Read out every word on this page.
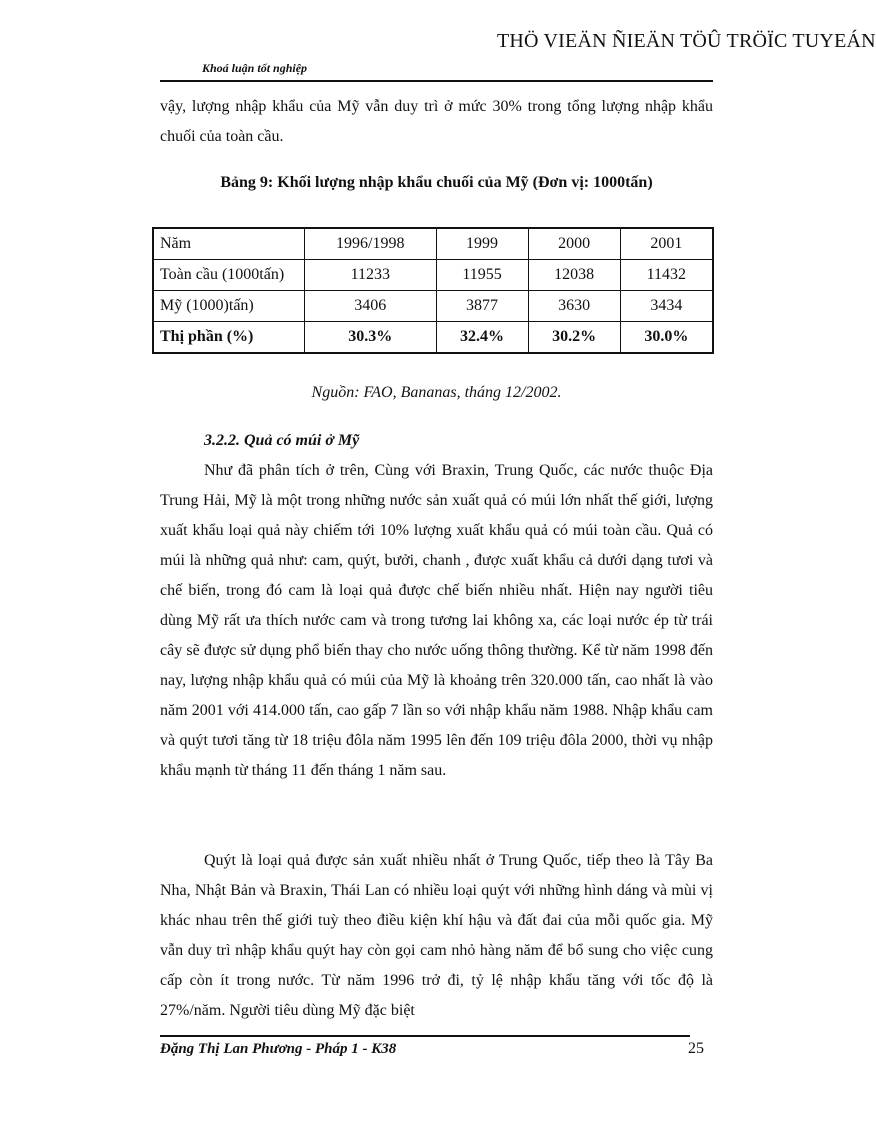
THÖ VIEÄN ÑIEÄN TÖÛ TRÖÏC TUYEÁN
Khoá luận tốt nghiệp
vậy, lượng nhập khẩu của Mỹ vẫn duy trì ở mức 30% trong tổng lượng nhập khẩu chuối của toàn cầu.
Bảng 9: Khối lượng nhập khẩu chuối của Mỹ (Đơn vị: 1000tấn)
Năm	1996/1998	1999	2000	2001
Toàn cầu (1000tấn)	11233	11955	12038	11432
Mỹ (1000)tấn)	3406	3877	3630	3434
Thị phần (%)	30.3%	32.4%	30.2%	30.0%
Nguồn: FAO, Bananas, tháng 12/2002.
3.2.2. Quả có múi ở Mỹ
Như đã phân tích ở trên, Cùng với Braxin, Trung Quốc, các nước thuộc Địa Trung Hải, Mỹ là một trong những nước sản xuất quả có múi lớn nhất thế giới, lượng xuất khẩu loại quả này chiếm tới 10% lượng xuất khẩu quả có múi toàn cầu. Quả có múi là những quả như: cam, quýt, bưởi, chanh , được xuất khẩu cả dưới dạng tươi và chế biến, trong đó cam là loại quả được chế biến nhiều nhất. Hiện nay người tiêu dùng Mỹ rất ưa thích nước cam và trong tương lai không xa, các loại nước ép từ trái cây sẽ được sử dụng phổ biến thay cho nước uống thông thường. Kể từ năm 1998 đến nay, lượng nhập khẩu quả có múi của Mỹ là khoảng trên 320.000 tấn, cao nhất là vào năm 2001 với 414.000 tấn, cao gấp 7 lần so với nhập khẩu năm 1988. Nhập khẩu cam và quýt tươi tăng từ 18 triệu đôla năm 1995 lên đến 109 triệu đôla 2000, thời vụ nhập khẩu mạnh từ tháng 11 đến tháng 1 năm sau.
Quýt là loại quả được sản xuất nhiều nhất ở Trung Quốc, tiếp theo là Tây Ba Nha, Nhật Bản và Braxin, Thái Lan có nhiều loại quýt với những hình dáng và mùi vị khác nhau trên thế giới tuỳ theo điều kiện khí hậu và đất đai của mỗi quốc gia. Mỹ vẫn duy trì nhập khẩu quýt hay còn gọi cam nhỏ hàng năm để bổ sung cho việc cung cấp còn ít trong nước. Từ năm 1996 trở đi, tỷ lệ nhập khẩu tăng với tốc độ là 27%/năm. Người tiêu dùng Mỹ đặc biệt
Đặng Thị Lan Phương - Pháp 1 - K38	25
